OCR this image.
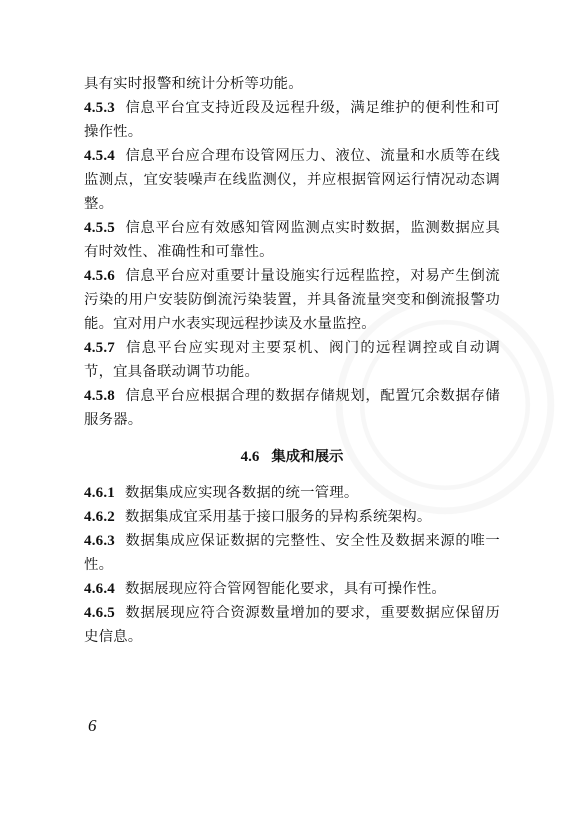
具有实时报警和统计分析等功能。

4.5.3 信息平台宜支持近段及远程升级，满足维护的便利性和可操作性。

4.5.4 信息平台应合理布设管网压力、液位、流量和水质等在线监测点，宜安装噪声在线监测仪，并应根据管网运行情况动态调整。

4.5.5 信息平台应有效感知管网监测点实时数据，监测数据应具有时效性、准确性和可靠性。

4.5.6 信息平台应对重要计量设施实行远程监控，对易产生倒流污染的用户安装防倒流污染装置，并具备流量突变和倒流报警功能。宜对用户水表实现远程抄读及水量监控。

4.5.7 信息平台应实现对主要泵机、阀门的远程调控或自动调节，宜具备联动调节功能。

4.5.8 信息平台应根据合理的数据存储规划，配置冗余数据存储服务器。

4.6 集成和展示

4.6.1 数据集成应实现各数据的统一管理。

4.6.2 数据集成宜采用基于接口服务的异构系统架构。

4.6.3 数据集成应保证数据的完整性、安全性及数据来源的唯一性。

4.6.4 数据展现应符合管网智能化要求，具有可操作性。

4.6.5 数据展现应符合资源数量增加的要求，重要数据应保留历史信息。

6
